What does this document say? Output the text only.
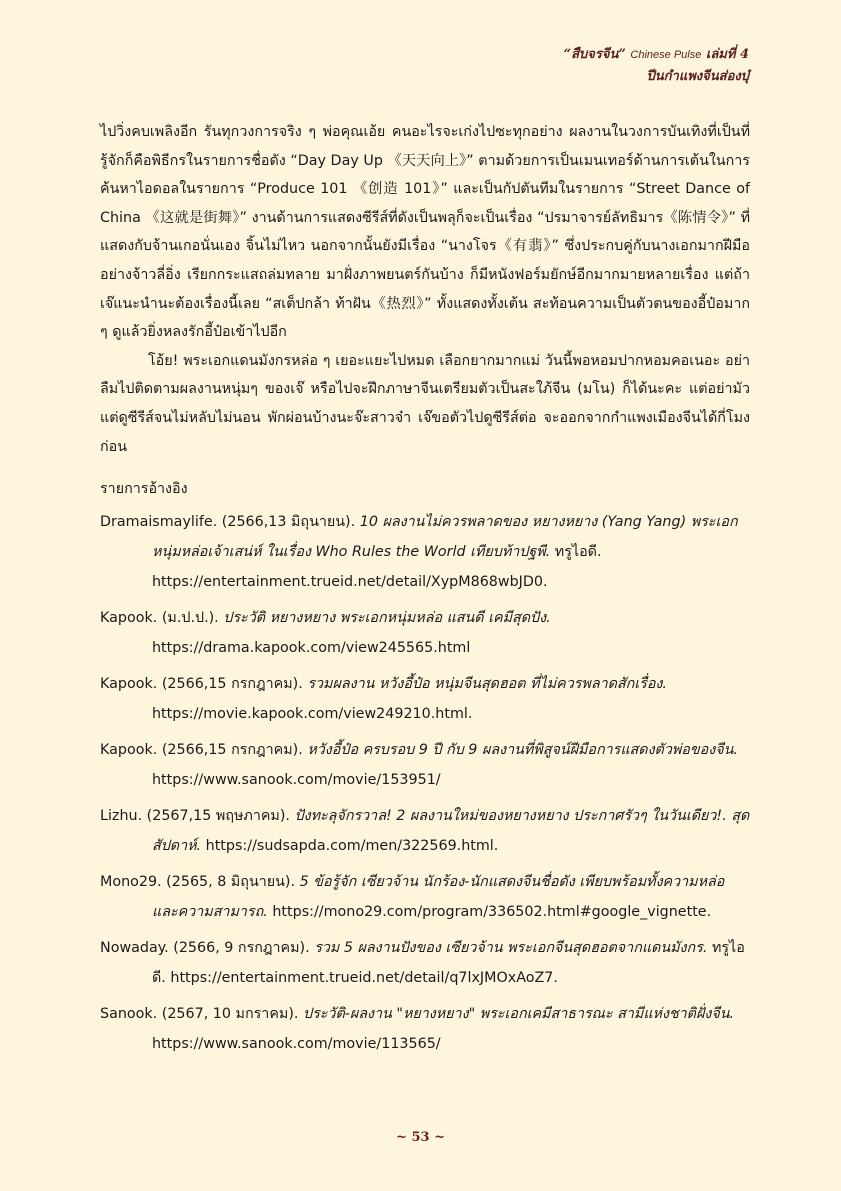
“สืบจรจีน” Chinese Pulse เล่มที่ 4
ปีนกำแพงจีนส่องบุ๋

ไปวิ่งคบเพลิงอีก รันทุกวงการจริง ๆ พ่อคุณเอ้ย คนอะไรจะเก่งไปซะทุกอย่าง ผลงานในวงการบันเทิงที่เป็นที่รู้จักก็คือพิธีกรในรายการชื่อดัง “Day Day Up 《天天向上》” ตามด้วยการเป็นเมนเทอร์ด้านการเต้นในการค้นหาไอดอลในรายการ “Produce 101 《创造 101》” และเป็นกัปตันทีมในรายการ “Street Dance of China 《这就是街舞》” งานด้านการแสดงซีรีส์ที่ดังเป็นพลุก็จะเป็นเรื่อง “ปรมาจารย์ลัทธิมาร《陈情令》” ที่แสดงกับจ้านเกอนั่นเอง จิ้นไม่ไหว นอกจากนั้นยังมีเรื่อง “นางโจร《有翡》” ซึ่งประกบคู่กับนางเอกมากฝีมืออย่างจ้าวลี่อิ่ง เรียกกระแสถล่มทลาย มาฝั่งภาพยนตร์กันบ้าง ก็มีหนังฟอร์มยักษ์อีกมากมายหลายเรื่อง แต่ถ้าเจ๊แนะนำนะต้องเรื่องนี้เลย “สเต็ปกล้า ท้าฝัน《热烈》” ทั้งแสดงทั้งเต้น สะท้อนความเป็นตัวตนของอี้ป๋อมาก ๆ ดูแล้วยิ่งหลงรักอี้ป๋อเข้าไปอีก

โอ้ย! พระเอกแดนมังกรหล่อ ๆ เยอะแยะไปหมด เลือกยากมากแม่ วันนี้พอหอมปากหอมคอเนอะ อย่าลืมไปติดตามผลงานหนุ่มๆ ของเจ๊ หรือไปจะฝึกภาษาจีนเตรียมตัวเป็นสะใภ้จีน (มโน) ก็ได้นะคะ แต่อย่ามัวแต่ดูซีรีส์จนไม่หลับไม่นอน พักผ่อนบ้างนะจ๊ะสาวจ๋า เจ๊ขอตัวไปดูซีรีส์ต่อ จะออกจากกำแพงเมืองจีนได้กี่โมงก่อน

รายการอ้างอิง

Dramaismaylife. (2566,13 มิถุนายน). 10 ผลงานไม่ควรพลาดของ หยางหยาง (Yang Yang) พระเอกหนุ่มหล่อเจ้าเสน่ห์ ในเรื่อง Who Rules the World เทียบท้าปฐพี. ทรูไอดี.
https://entertainment.trueid.net/detail/XypM868wbJD0.

Kapook. (ม.ป.ป.). ประวัติ หยางหยาง พระเอกหนุ่มหล่อ แสนดี เคมีสุดปัง.
https://drama.kapook.com/view245565.html

Kapook. (2566,15 กรกฎาคม). รวมผลงาน หวังอี้ป๋อ หนุ่มจีนสุดฮอต ที่ไม่ควรพลาดสักเรื่อง.
https://movie.kapook.com/view249210.html.

Kapook. (2566,15 กรกฎาคม). หวังอี้ป๋อ ครบรอบ 9 ปี กับ 9 ผลงานที่พิสูจน์ฝีมือการแสดงตัวพ่อของจีน. https://www.sanook.com/movie/153951/

Lizhu. (2567,15 พฤษภาคม). ปังทะลุจักรวาล! 2 ผลงานใหม่ของหยางหยาง ประกาศรัวๆ ในวันเดียว!. สุดสัปดาห์. https://sudsapda.com/men/322569.html.

Mono29. (2565, 8 มิถุนายน). 5 ข้อรู้จัก เซียวจ้าน นักร้อง-นักแสดงจีนชื่อดัง เพียบพร้อมทั้งความหล่อและความสามารถ. https://mono29.com/program/336502.html#google_vignette.

Nowaday. (2566, 9 กรกฎาคม). รวม 5 ผลงานปังของ เซียวจ้าน พระเอกจีนสุดฮอตจากแดนมังกร. ทรูไอดี. https://entertainment.trueid.net/detail/q7lxJMOxAoZ7.

Sanook. (2567, 10 มกราคม). ประวัติ-ผลงาน "หยางหยาง" พระเอกเคมีสาธารณะ สามีแห่งชาติฝั่งจีน.
https://www.sanook.com/movie/113565/

~ 53 ~
